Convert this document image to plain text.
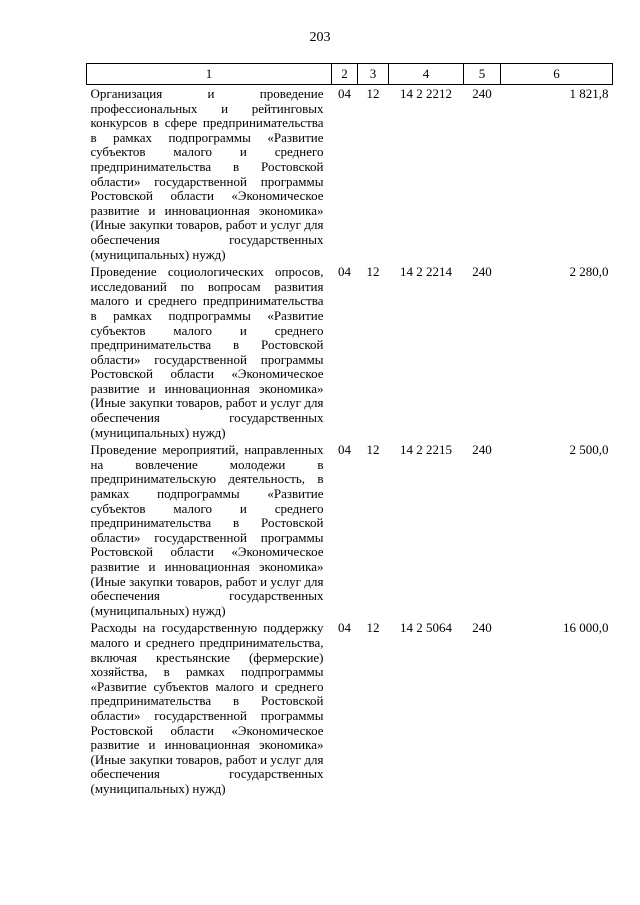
203
1	2	3	4	5	6
Организация и проведение профессиональных и рейтинговых конкурсов в сфере предпринимательства в рамках подпрограммы «Развитие субъектов малого и среднего предпринимательства в Ростовской области» государственной программы Ростовской области «Экономическое развитие и инновационная экономика» (Иные закупки товаров, работ и услуг для обеспечения государственных (муниципальных) нужд)	04	12	14 2 2212	240	1 821,8
Проведение социологических опросов, исследований по вопросам развития малого и среднего предпринимательства в рамках подпрограммы «Развитие субъектов малого и среднего предпринимательства в Ростовской области» государственной программы Ростовской области «Экономическое развитие и инновационная экономика» (Иные закупки товаров, работ и услуг для обеспечения государственных (муниципальных) нужд)	04	12	14 2 2214	240	2 280,0
Проведение мероприятий, направленных на вовлечение молодежи в предпринимательскую деятельность, в рамках подпрограммы «Развитие субъектов малого и среднего предпринимательства в Ростовской области» государственной программы Ростовской области «Экономическое развитие и инновационная экономика» (Иные закупки товаров, работ и услуг для обеспечения государственных (муниципальных) нужд)	04	12	14 2 2215	240	2 500,0
Расходы на государственную поддержку малого и среднего предпринимательства, включая крестьянские (фермерские) хозяйства, в рамках подпрограммы «Развитие субъектов малого и среднего предпринимательства в Ростовской области» государственной программы Ростовской области «Экономическое развитие и инновационная экономика» (Иные закупки товаров, работ и услуг для обеспечения государственных (муниципальных) нужд)	04	12	14 2 5064	240	16 000,0
